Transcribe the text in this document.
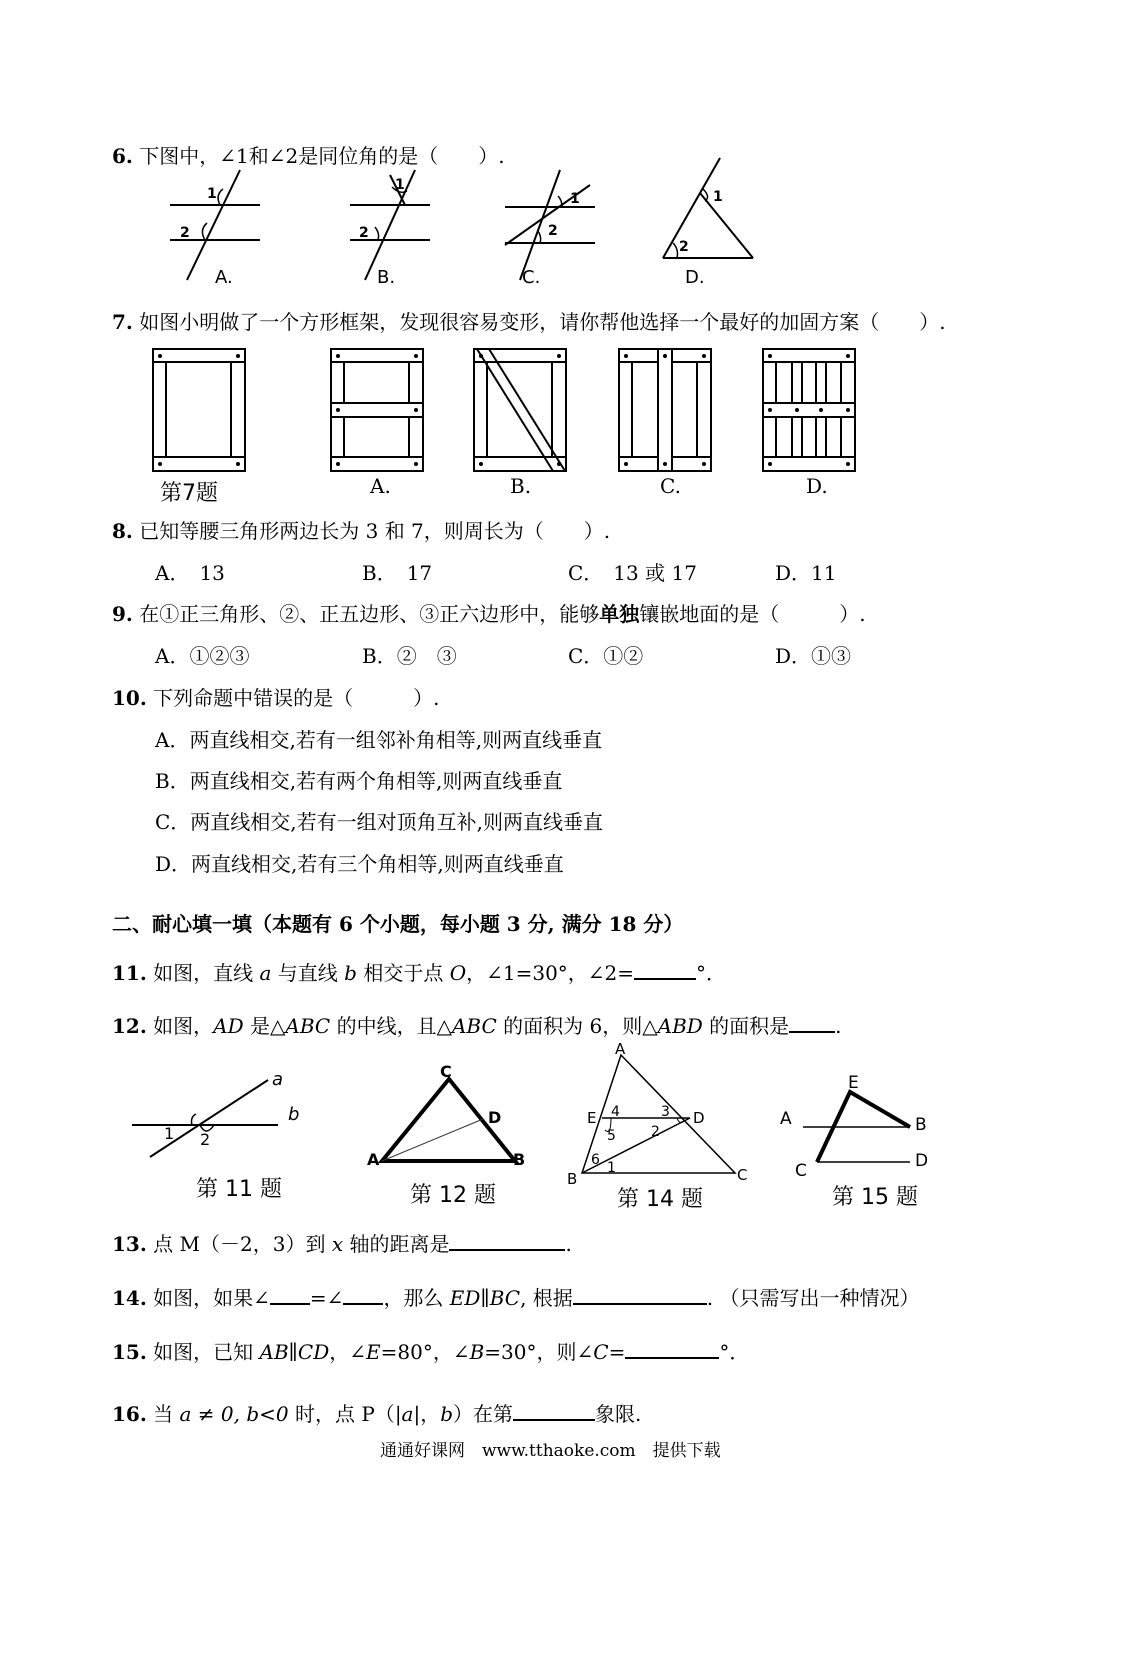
6. 下图中，∠1和∠2是同位角的是（　　）.
1
2
A.
1
2
B.
1
2
C.
1
2
D.
7. 如图小明做了一个方形框架，发现很容易变形，请你帮他选择一个最好的加固方案（　　）.
第7题	A.	B.	C.	D.
8. 已知等腰三角形两边长为 3 和 7，则周长为（　　）.
A．　13	B．　17	C．　13 或 17	D．11
9. 在①正三角形、②、正五边形、③正六边形中，能够单独镶嵌地面的是（　　　）.
A．①②③	B．②　③	C．①②	D．①③
10. 下列命题中错误的是（　　　）.
A．两直线相交,若有一组邻补角相等,则两直线垂直
B．两直线相交,若有两个角相等,则两直线垂直
C．两直线相交,若有一组对顶角互补,则两直线垂直
D．两直线相交,若有三个角相等,则两直线垂直
二、耐心填一填（本题有 6 个小题，每小题 3 分, 满分 18 分）
11. 如图，直线 a 与直线 b 相交于点 O，∠1=30°，∠2=	°．
12. 如图，AD 是△ABC 的中线，且△ABC 的面积为 6，则△ABD 的面积是 .
a
b
1 2
第 11 题
C
D
A	B
第 12 题
A
E	D
B	C
4	3
5	2
6 1
第 14 题
E
A	B
C	D
第 15 题
13. 点 M（－2，3）到 x 轴的距离是	.
14. 如图，如果∠ =∠ ，那么 ED∥BC, 根据	. （只需写出一种情况）
15. 如图，已知 AB∥CD，∠E=80°，∠B=30°，则∠C=	°．
16. 当 a ≠ 0, b<0 时，点 P（|a|，b）在第	象限.
通通好课网　www.tthaoke.com　提供下载
